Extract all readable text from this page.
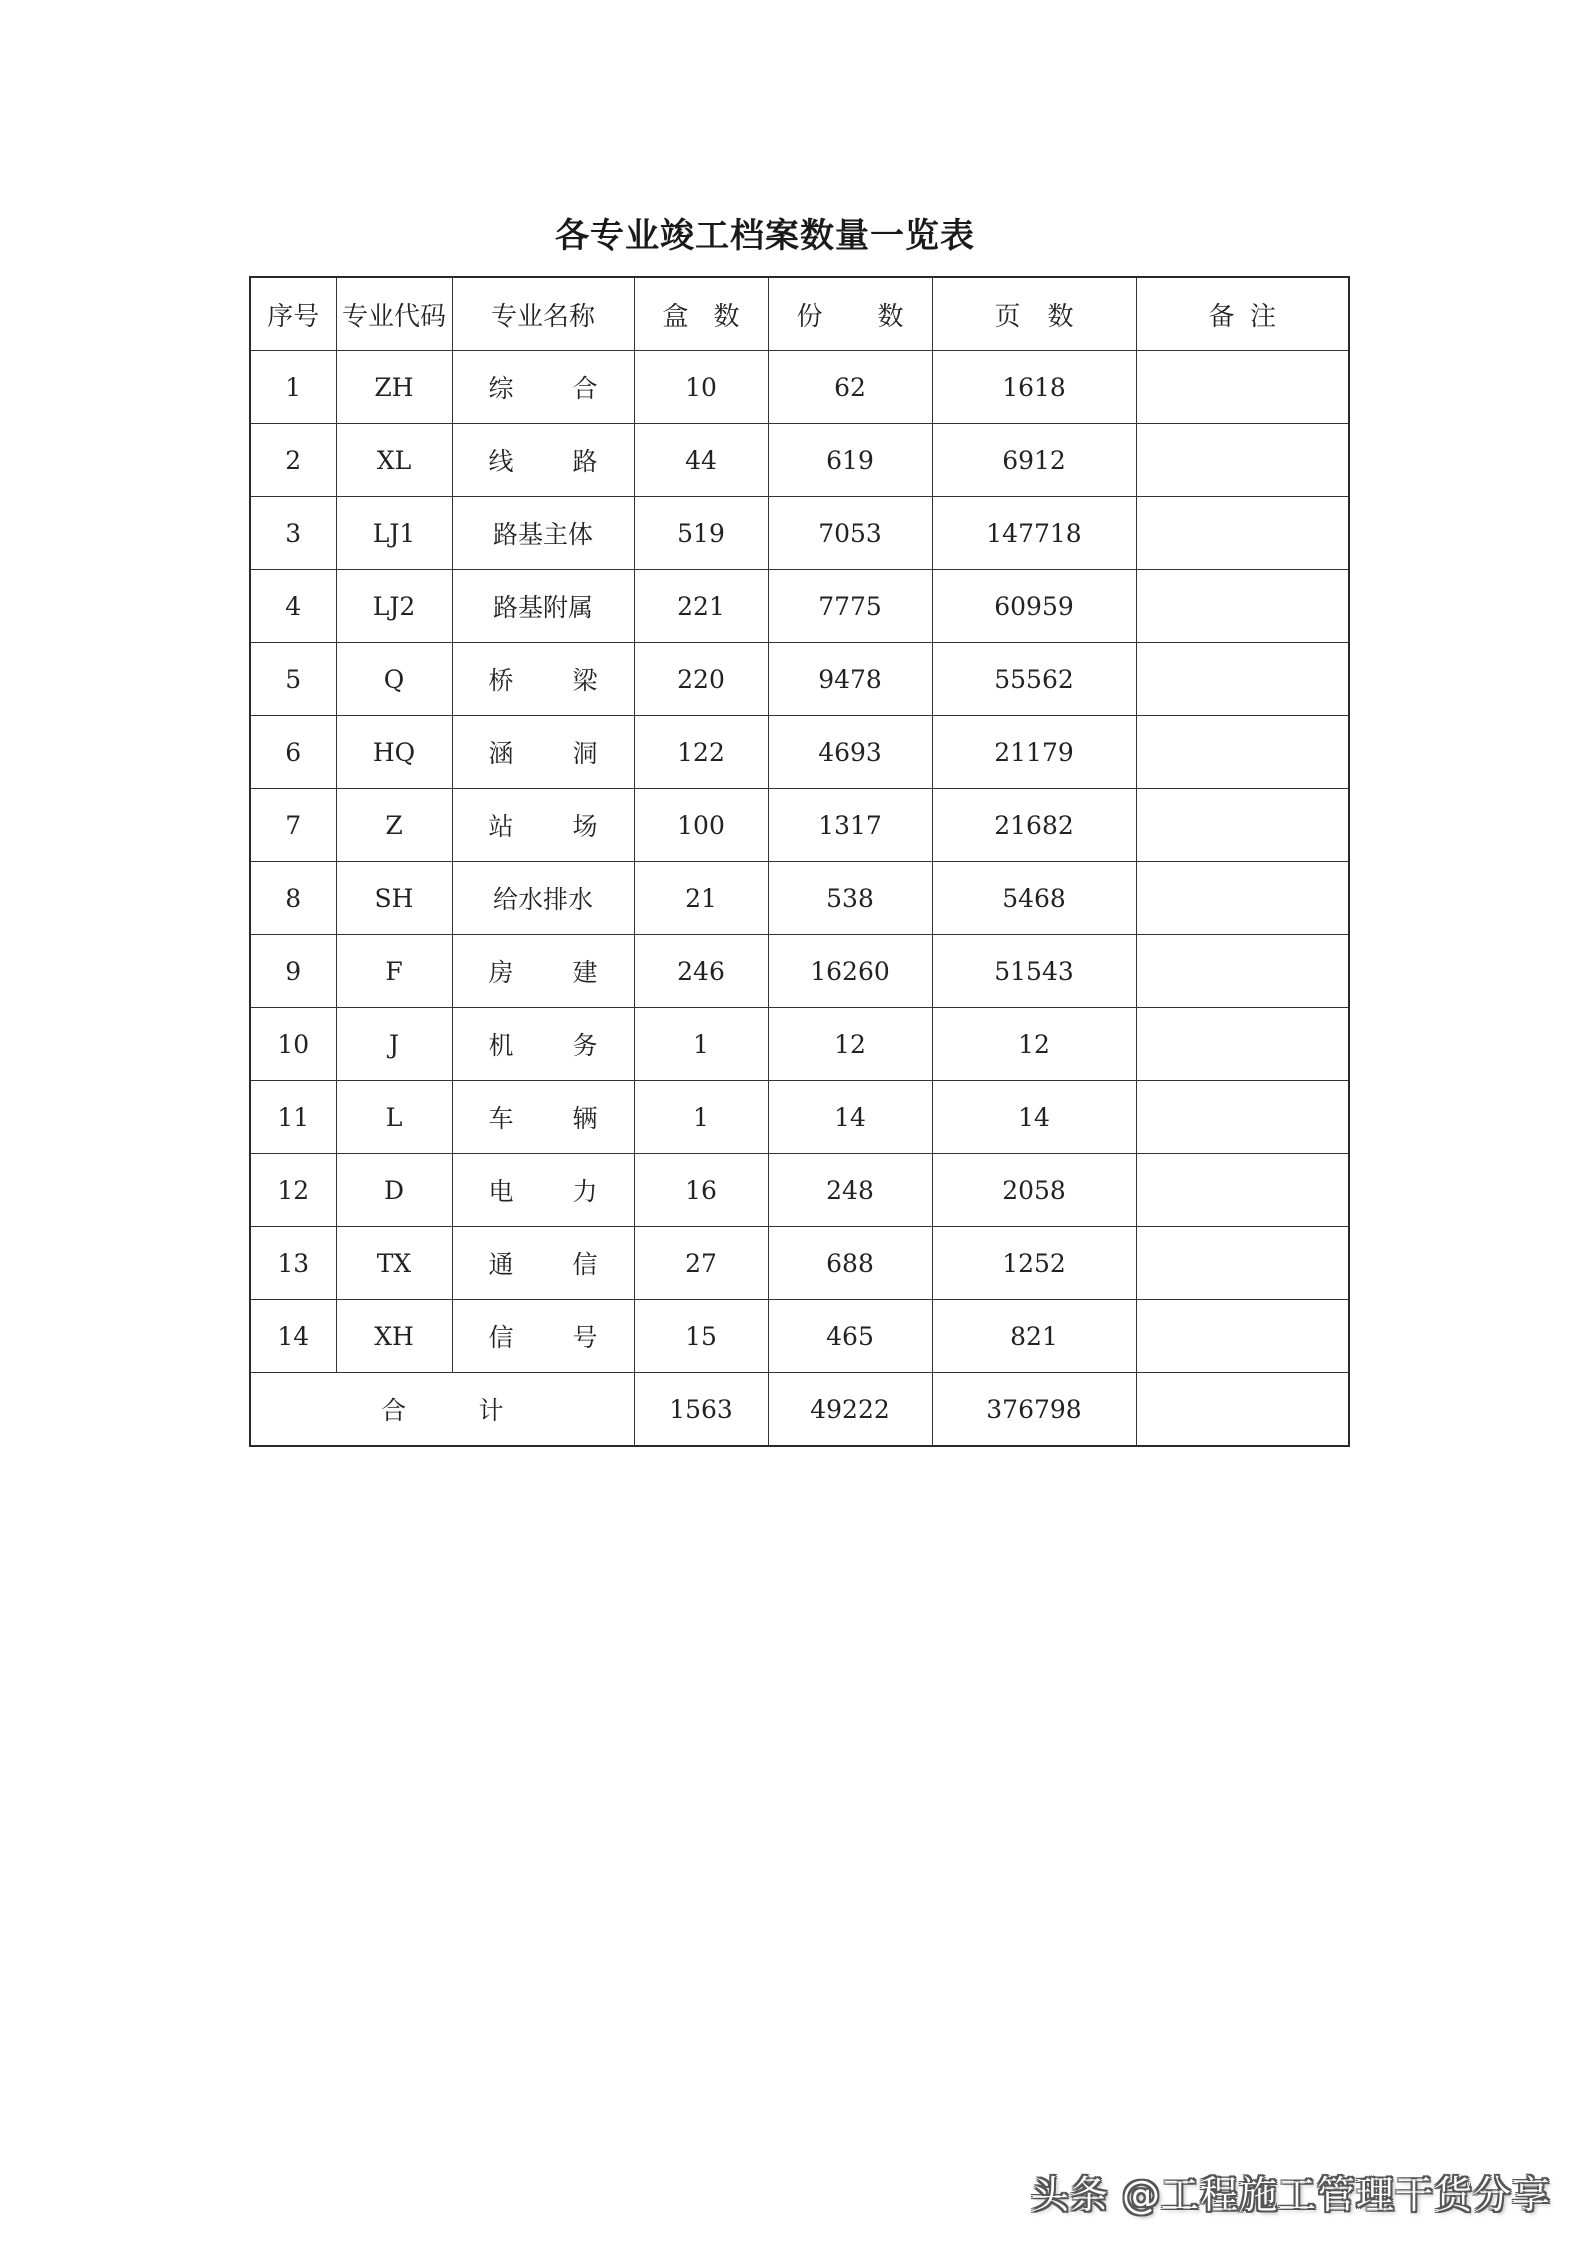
各专业竣工档案数量一览表
序号	专业代码	专业名称	盒 数	份 数	页 数	备 注

1	ZH	综 合	10	62	1618	
2	XL	线 路	44	619	6912	
3	LJ1	路基主体	519	7053	147718	
4	LJ2	路基附属	221	7775	60959	
5	Q	桥 梁	220	9478	55562	
6	HQ	涵 洞	122	4693	21179	
7	Z	站 场	100	1317	21682	
8	SH	给水排水	21	538	5468	
9	F	房 建	246	16260	51543	
10	J	机 务	1	12	12	
11	L	车 辆	1	14	14	
12	D	电 力	16	248	2058	
13	TX	通 信	27	688	1252	
14	XH	信 号	15	465	821	

合 计			1563	49222	376798	
头条 @工程施工管理干货分享
